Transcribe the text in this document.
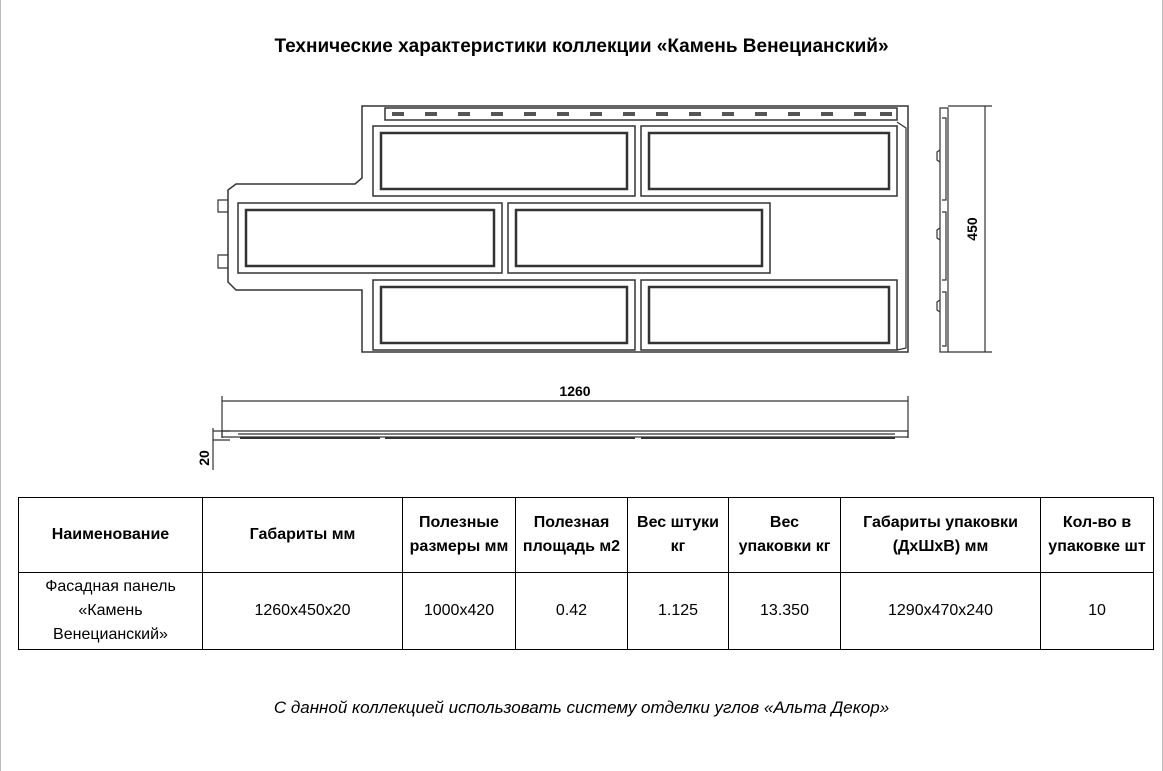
Технические характеристики коллекции «Камень Венецианский»
1260
450
20
Наименование	Габариты мм	Полезные размеры мм	Полезная площадь м2	Вес штуки кг	Вес упаковки кг	Габариты упаковки (ДхШхВ) мм	Кол-во в упаковке шт
Фасадная панель «Камень Венецианский»	1260x450x20	1000x420	0.42	1.125	13.350	1290x470x240	10
С данной коллекцией использовать систему отделки углов «Альта Декор»
